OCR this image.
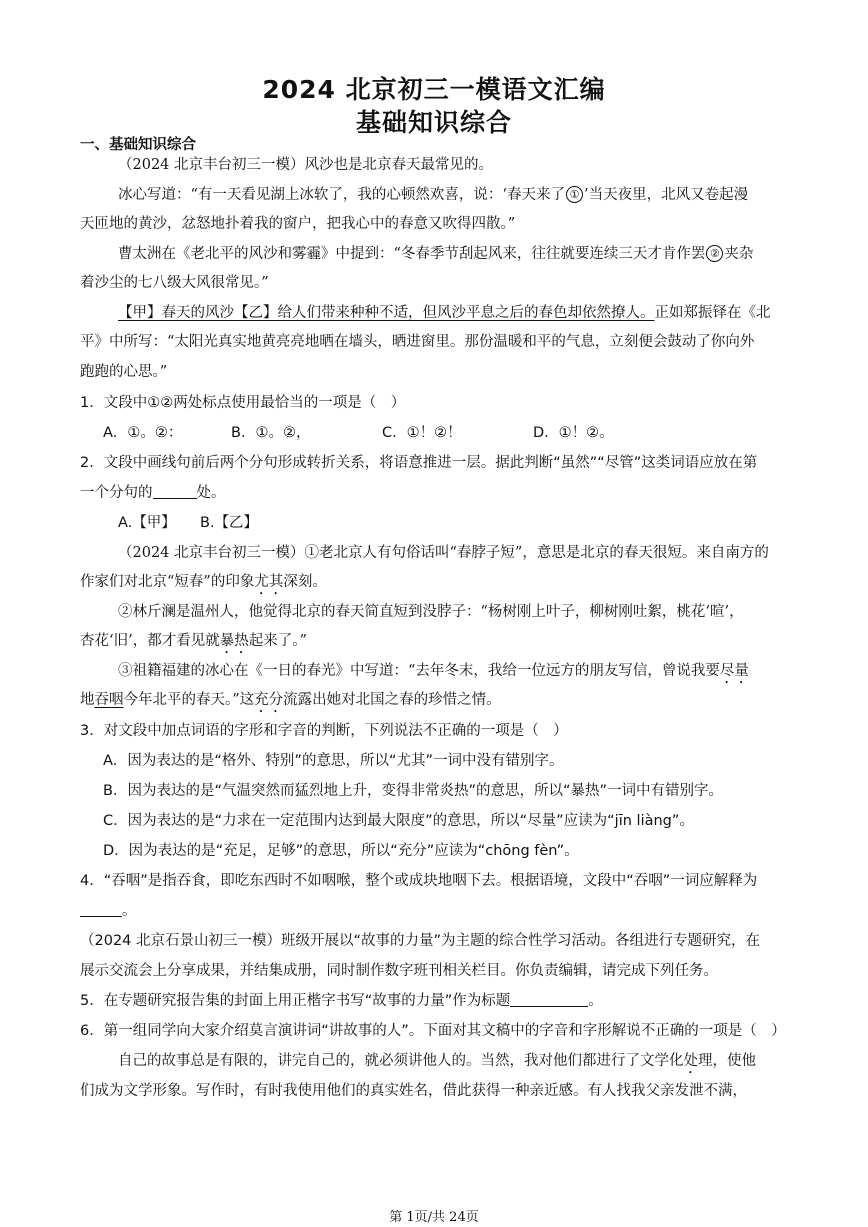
2024 北京初三一模语文汇编
基础知识综合
一、基础知识综合
（2024 北京丰台初三一模）风沙也是北京春天最常见的。
冰心写道：“有一天看见湖上冰软了，我的心顿然欢喜，说：‘春天来了 ① ’当天夜里，北风又卷起漫
天匝地的黄沙，忿怒地扑着我的窗户，把我心中的春意又吹得四散。”
曹太洲在《老北平的风沙和雾霾》中提到：“冬春季节刮起风来，往往就要连续三天才肯作罢 ② 夹杂
着沙尘的七八级大风很常见。”
【甲】春天的风沙【乙】给人们带来种种不适，但风沙平息之后的春色却依然撩人。正如郑振铎在《北
平》中所写：“太阳光真实地黄亮亮地晒在墙头，晒进窗里。那份温暖和平的气息，立刻便会鼓动了你向外
跑跑的心思。”
1．文段中①②两处标点使用最恰当的一项是（　）
A．①。②：	B．①。②，	C．①！②！	D．①！②。
2．文段中画线句前后两个分句形成转折关系，将语意推进一层。据此判断“虽然”“尽管”这类词语应放在第
一个分句的	处。
A.【甲】 B.【乙】
（2024 北京丰台初三一模）①老北京人有句俗话叫“春脖子短”，意思是北京的春天很短。来自南方的
作家们对北京“短春”的印象尤其深刻。
②林斤澜是温州人，他觉得北京的春天简直短到没脖子：“杨树刚上叶子，柳树刚吐絮，桃花‘暄’，
杏花‘旧’，都才看见就暴热起来了。”
③祖籍福建的冰心在《一日的春光》中写道：“去年冬末，我给一位远方的朋友写信，曾说我要尽量
地吞咽今年北平的春天。”这充分流露出她对北国之春的珍惜之情。
3．对文段中加点词语的字形和字音的判断，下列说法不正确的一项是（　）
A．因为表达的是“格外、特别”的意思，所以“尤其”一词中没有错别字。
B．因为表达的是“气温突然而猛烈地上升，变得非常炎热”的意思，所以“暴热”一词中有错别字。
C．因为表达的是“力求在一定范围内达到最大限度”的意思，所以“尽量”应读为“jīn liàng”。
D．因为表达的是“充足，足够”的意思，所以“充分”应读为“chōng fèn”。
4．“吞咽”是指吞食，即吃东西时不如咽喉，整个或成块地咽下去。根据语境，文段中“吞咽”一词应解释为
。
（2024 北京石景山初三一模）班级开展以“故事的力量”为主题的综合性学习活动。各组进行专题研究，在
展示交流会上分享成果，并结集成册，同时制作数字班刊相关栏目。你负责编辑，请完成下列任务。
5．在专题研究报告集的封面上用正楷字书写“故事的力量”作为标题	。
6．第一组同学向大家介绍莫言演讲词“讲故事的人”。下面对其文稿中的字音和字形解说不正确的一项是（　）
自己的故事总是有限的，讲完自己的，就必须讲他人的。当然，我对他们都进行了文学化处理，使他
们成为文学形象。写作时，有时我使用他们的真实姓名，借此获得一种亲近感。有人找我父亲发泄不满，
第 1页/共 24页
